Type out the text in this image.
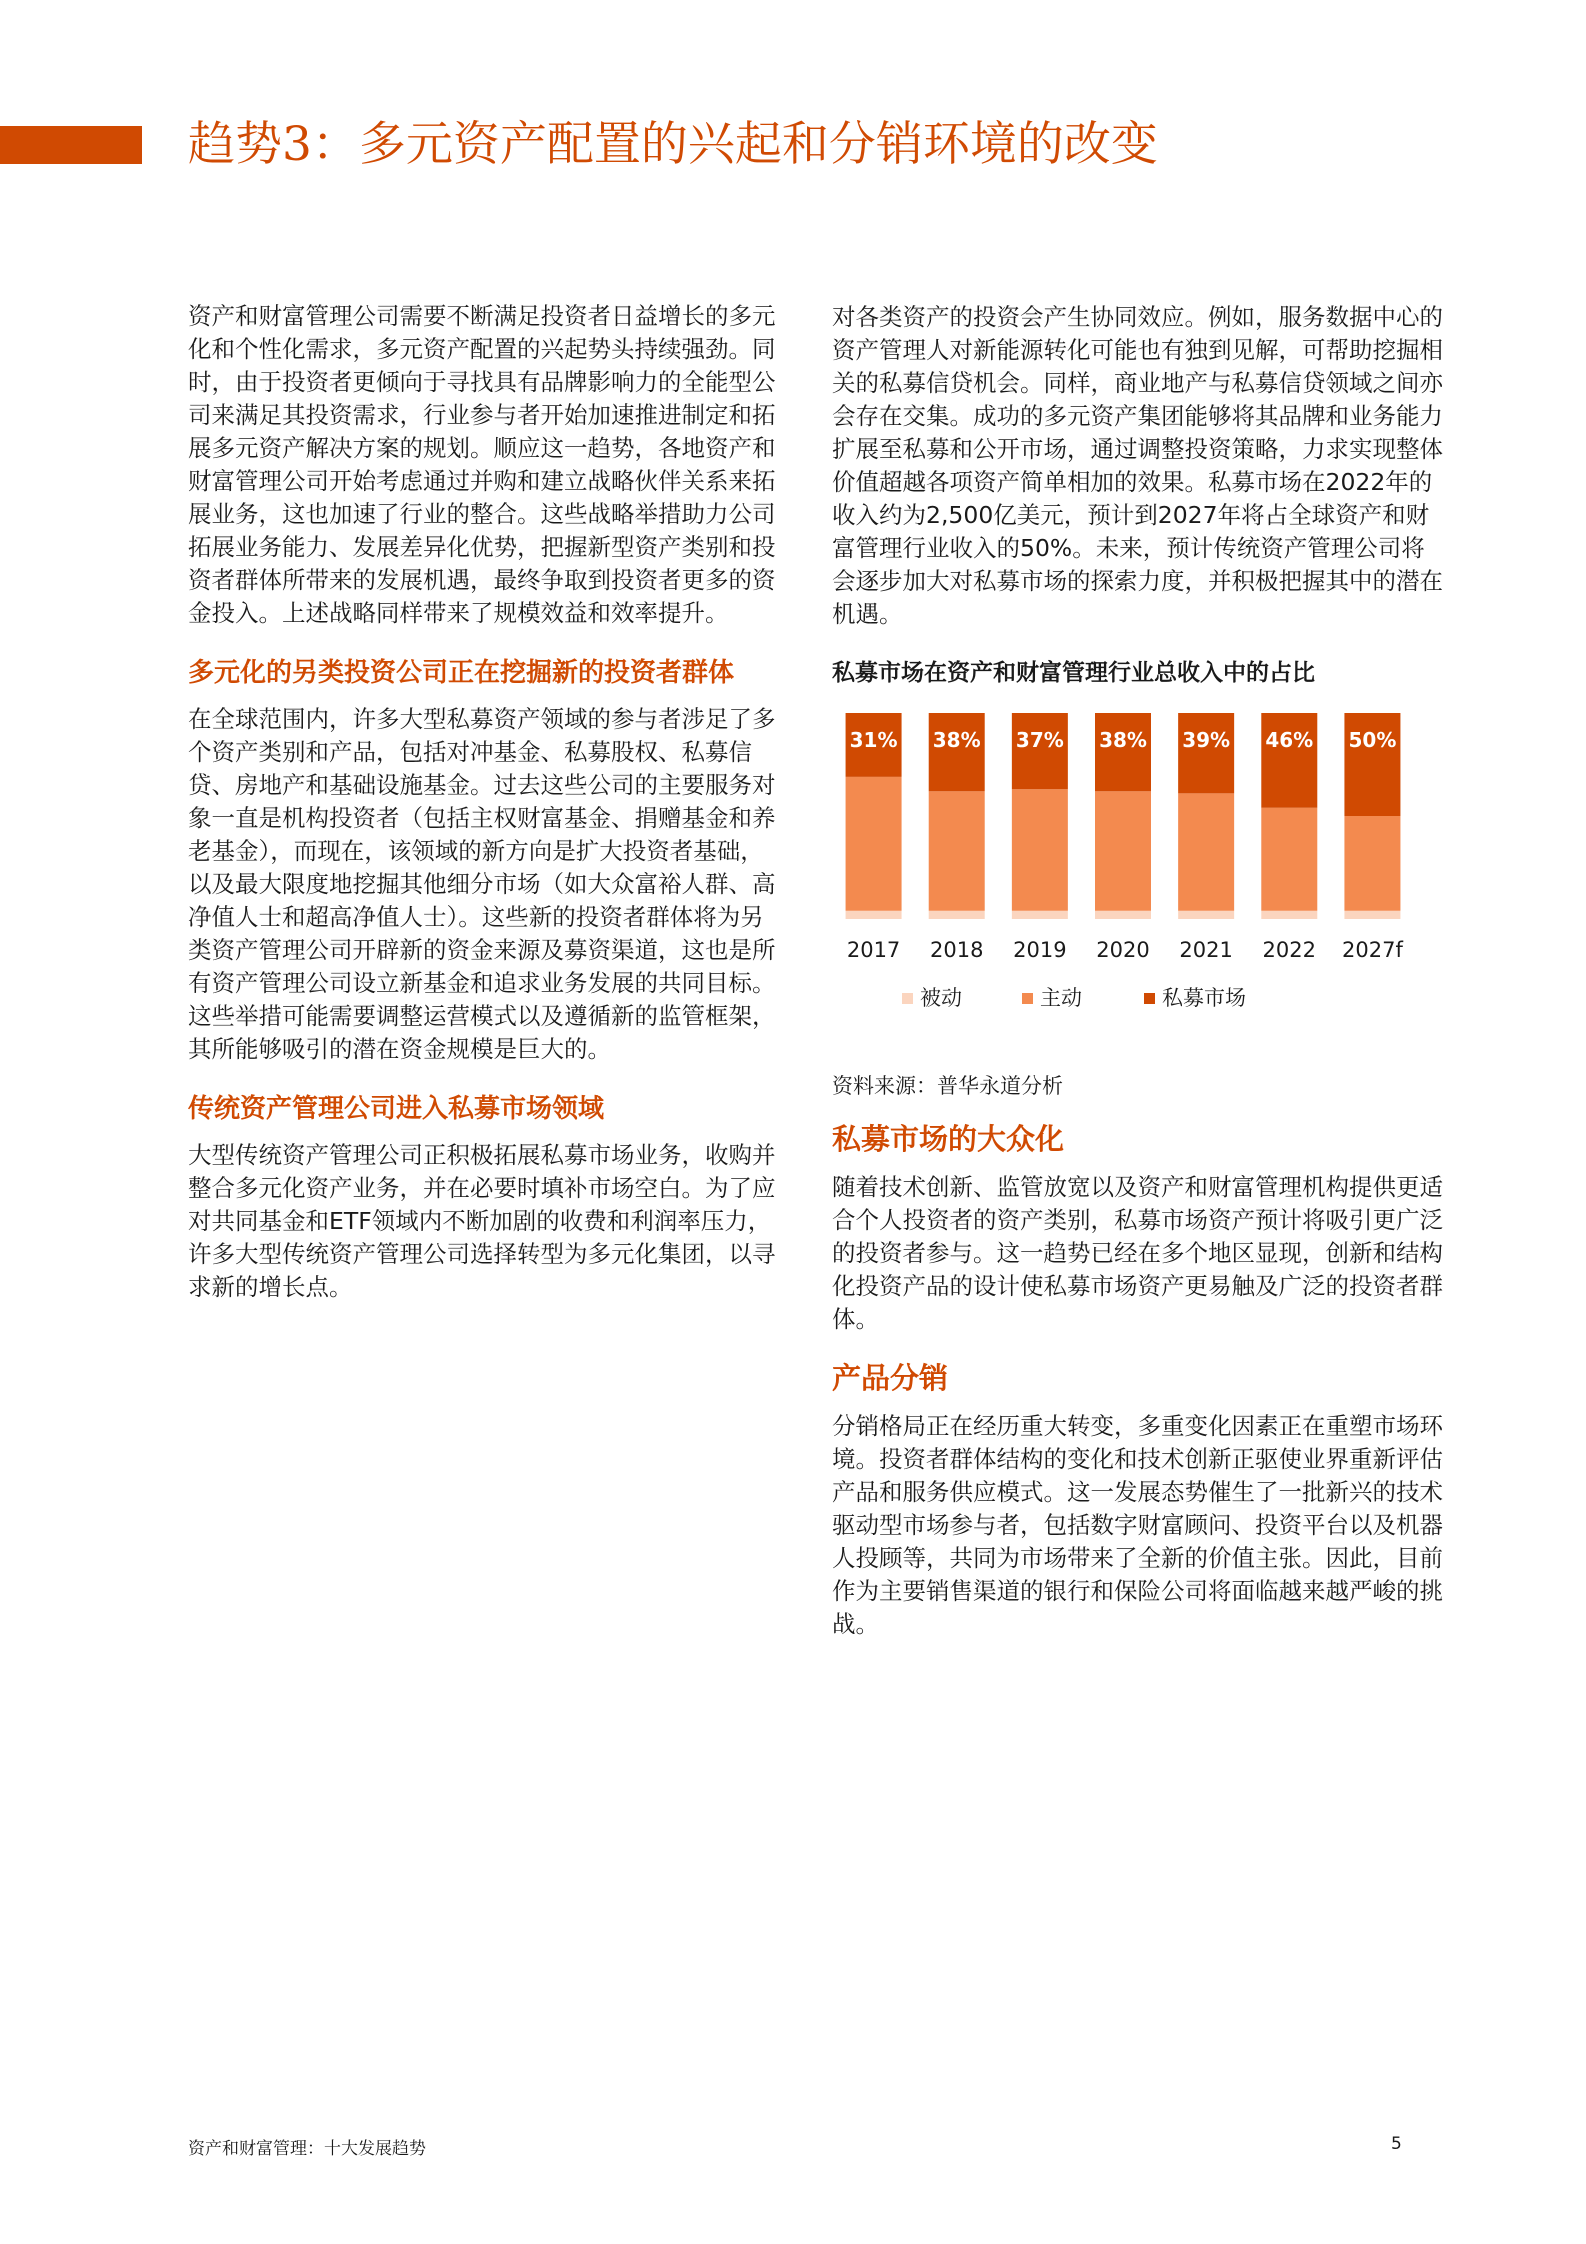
趋势3：多元资产配置的兴起和分销环境的改变

资产和财富管理公司需要不断满足投资者日益增长的多元化和个性化需求，多元资产配置的兴起势头持续强劲。同时，由于投资者更倾向于寻找具有品牌影响力的全能型公司来满足其投资需求，行业参与者开始加速推进制定和拓展多元资产解决方案的规划。顺应这一趋势，各地资产和财富管理公司开始考虑通过并购和建立战略伙伴关系来拓展业务，这也加速了行业的整合。这些战略举措助力公司拓展业务能力、发展差异化优势，把握新型资产类别和投资者群体所带来的发展机遇，最终争取到投资者更多的资金投入。上述战略同样带来了规模效益和效率提升。

多元化的另类投资公司正在挖掘新的投资者群体

在全球范围内，许多大型私募资产领域的参与者涉足了多个资产类别和产品，包括对冲基金、私募股权、私募信贷、房地产和基础设施基金。过去这些公司的主要服务对象一直是机构投资者（包括主权财富基金、捐赠基金和养老基金），而现在，该领域的新方向是扩大投资者基础，以及最大限度地挖掘其他细分市场（如大众富裕人群、高净值人士和超高净值人士）。这些新的投资者群体将为另类资产管理公司开辟新的资金来源及募资渠道，这也是所有资产管理公司设立新基金和追求业务发展的共同目标。这些举措可能需要调整运营模式以及遵循新的监管框架，其所能够吸引的潜在资金规模是巨大的。

传统资产管理公司进入私募市场领域

大型传统资产管理公司正积极拓展私募市场业务，收购并整合多元化资产业务，并在必要时填补市场空白。为了应对共同基金和ETF领域内不断加剧的收费和利润率压力，许多大型传统资产管理公司选择转型为多元化集团，以寻求新的增长点。

对各类资产的投资会产生协同效应。例如，服务数据中心的资产管理人对新能源转化可能也有独到见解，可帮助挖掘相关的私募信贷机会。同样，商业地产与私募信贷领域之间亦会存在交集。成功的多元资产集团能够将其品牌和业务能力扩展至私募和公开市场，通过调整投资策略，力求实现整体价值超越各项资产简单相加的效果。私募市场在2022年的收入约为2,500亿美元，预计到2027年将占全球资产和财富管理行业收入的50%。未来，预计传统资产管理公司将会逐步加大对私募市场的探索力度，并积极把握其中的潜在机遇。

私募市场在资产和财富管理行业总收入中的占比

31%
2017
38%
2018
37%
2019
38%
2020
39%
2021
46%
2022
50%
2027f
被动	主动	私募市场

资料来源：普华永道分析

私募市场的大众化

随着技术创新、监管放宽以及资产和财富管理机构提供更适合个人投资者的资产类别，私募市场资产预计将吸引更广泛的投资者参与。这一趋势已经在多个地区显现，创新和结构化投资产品的设计使私募市场资产更易触及广泛的投资者群体。

产品分销

分销格局正在经历重大转变，多重变化因素正在重塑市场环境。投资者群体结构的变化和技术创新正驱使业界重新评估产品和服务供应模式。这一发展态势催生了一批新兴的技术驱动型市场参与者，包括数字财富顾问、投资平台以及机器人投顾等，共同为市场带来了全新的价值主张。因此，目前作为主要销售渠道的银行和保险公司将面临越来越严峻的挑战。

资产和财富管理：十大发展趋势	5
